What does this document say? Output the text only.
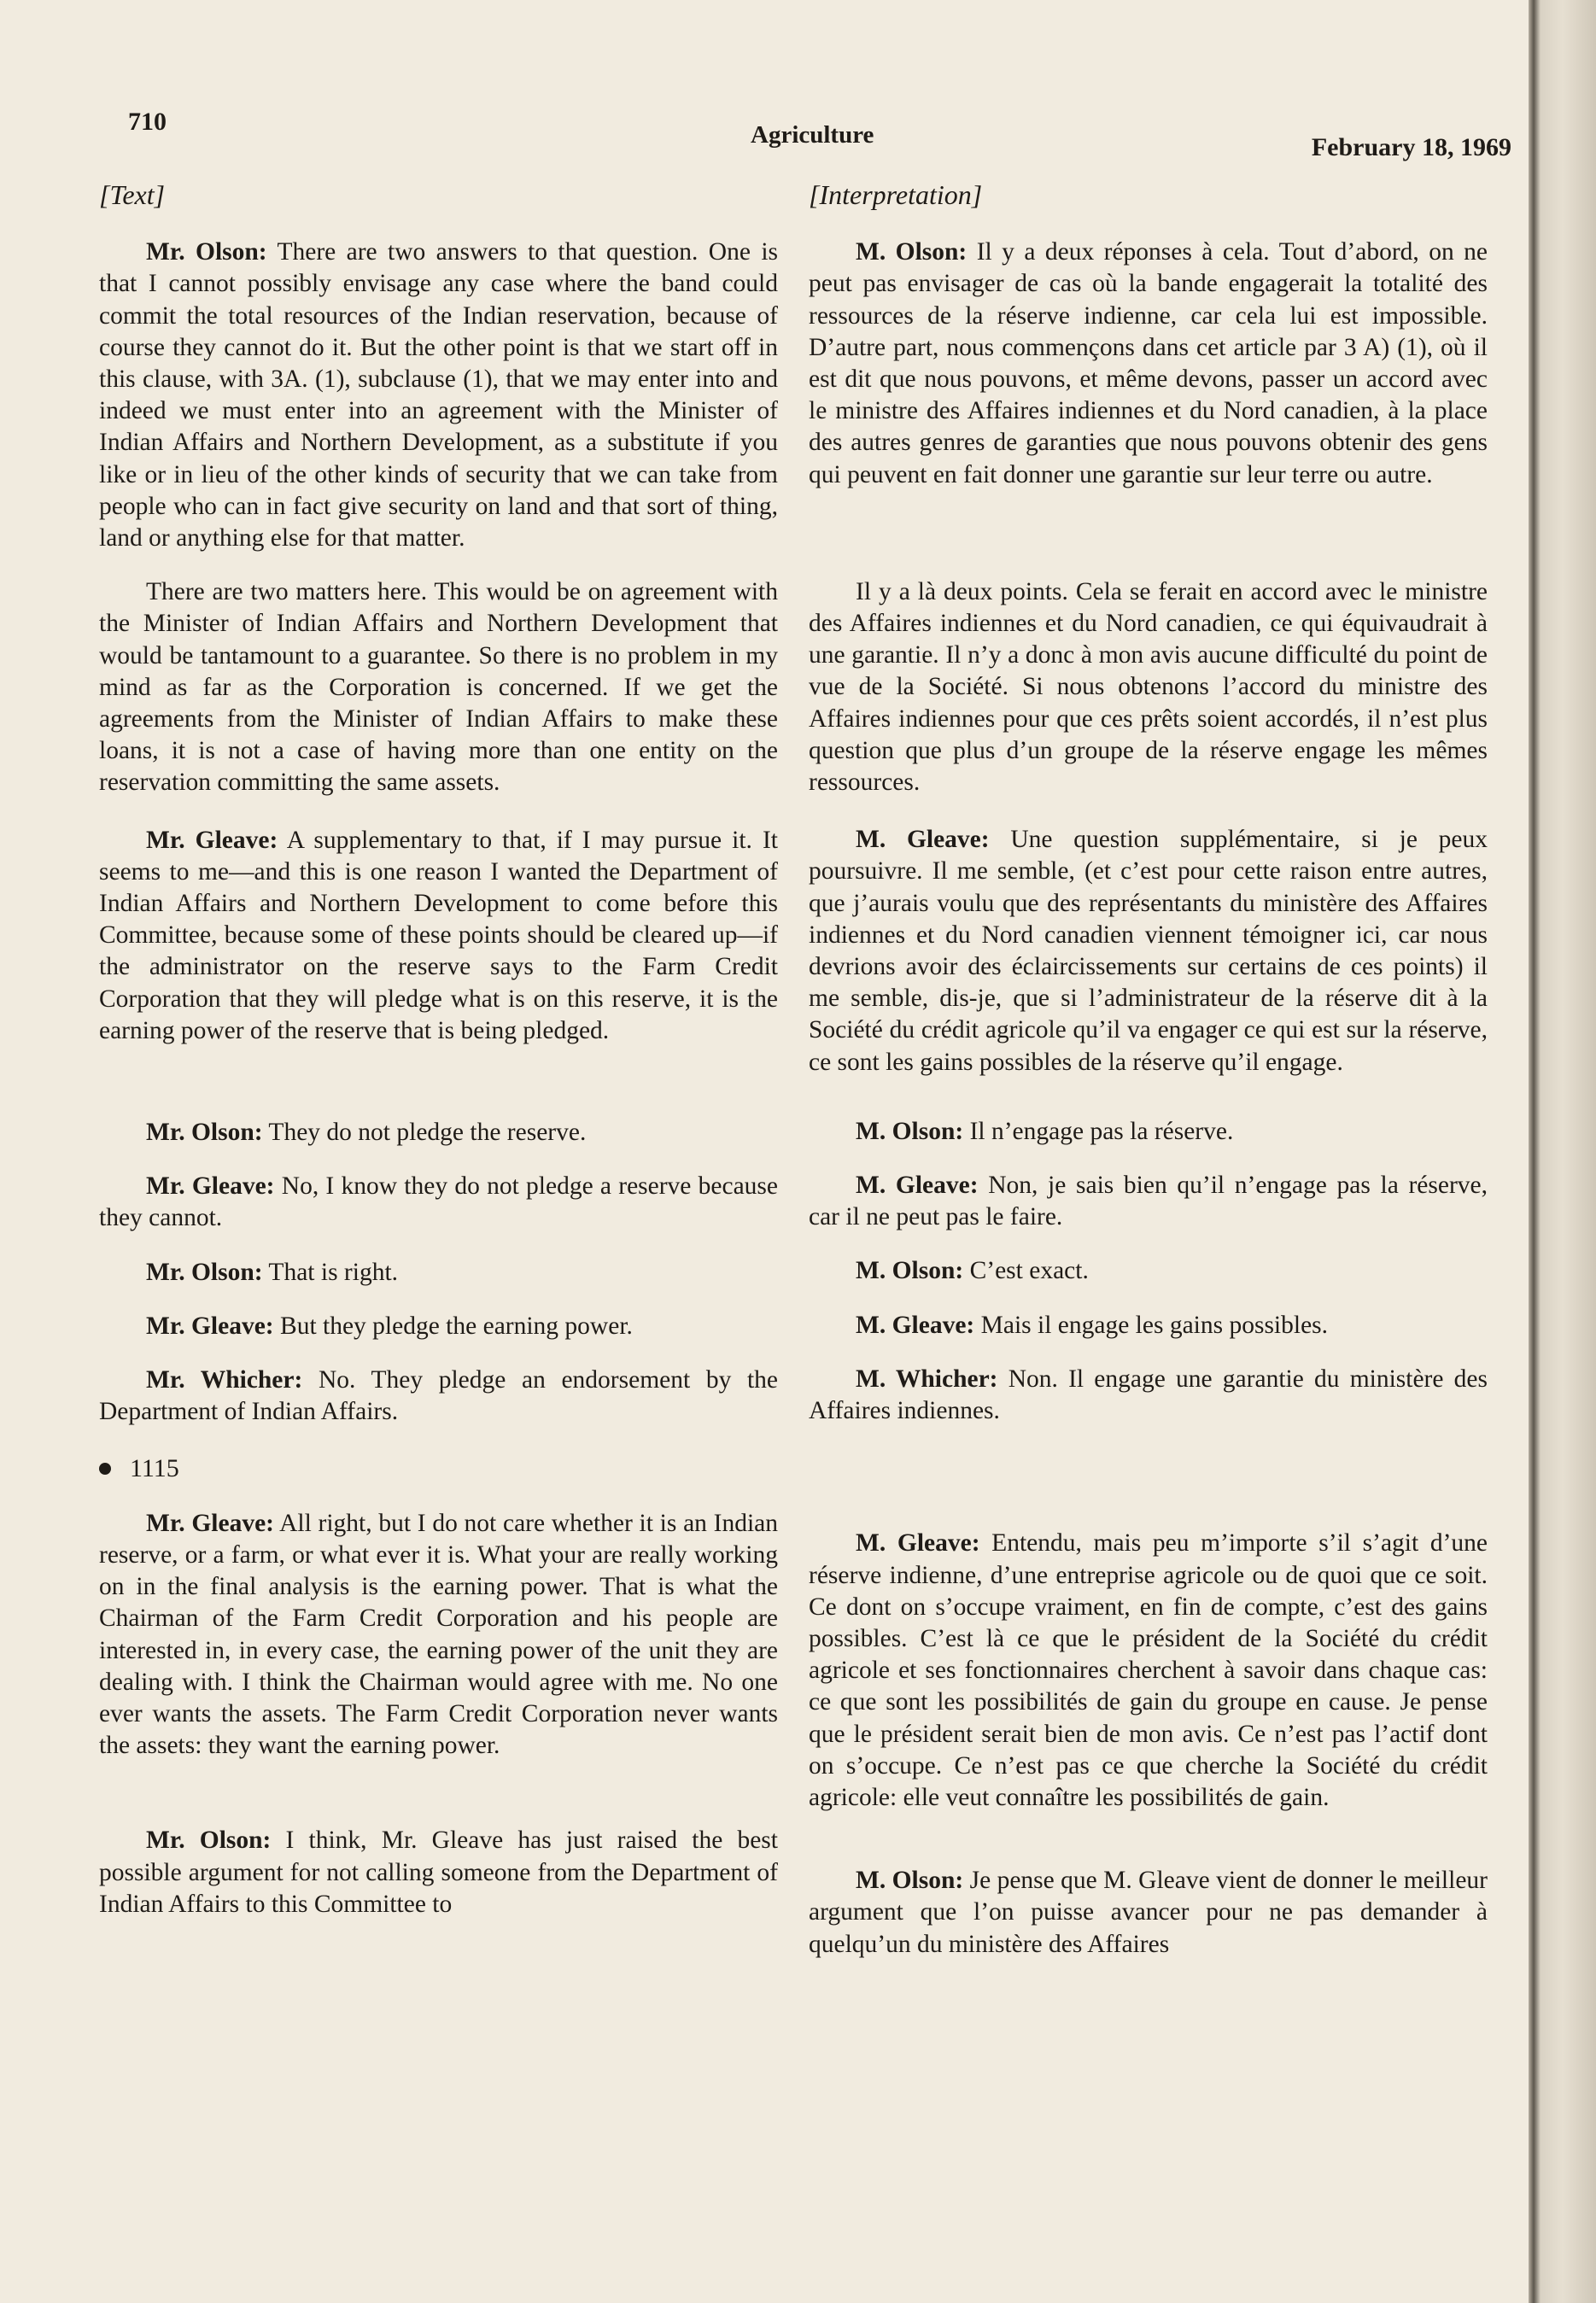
710	Agriculture	February 18, 1969
[Text]

Mr. Olson: There are two answers to that question. One is that I cannot possibly envisage any case where the band could commit the total resources of the Indian reservation, because of course they cannot do it. But the other point is that we start off in this clause, with 3A. (1), subclause (1), that we may enter into and indeed we must enter into an agreement with the Minister of Indian Affairs and Northern Development, as a substitute if you like or in lieu of the other kinds of security that we can take from people who can in fact give security on land and that sort of thing, land or anything else for that matter.

There are two matters here. This would be on agreement with the Minister of Indian Affairs and Northern Development that would be tantamount to a guarantee. So there is no problem in my mind as far as the Corporation is concerned. If we get the agreements from the Minister of Indian Affairs to make these loans, it is not a case of having more than one entity on the reservation committing the same assets.

Mr. Gleave: A supplementary to that, if I may pursue it. It seems to me—and this is one reason I wanted the Department of Indian Affairs and Northern Development to come before this Committee, because some of these points should be cleared up—if the administrator on the reserve says to the Farm Credit Corporation that they will pledge what is on this reserve, it is the earning power of the reserve that is being pledged.

Mr. Olson: They do not pledge the reserve.

Mr. Gleave: No, I know they do not pledge a reserve because they cannot.

Mr. Olson: That is right.

Mr. Gleave: But they pledge the earning power.

Mr. Whicher: No. They pledge an endorsement by the Department of Indian Affairs.

1115

Mr. Gleave: All right, but I do not care whether it is an Indian reserve, or a farm, or what ever it is. What your are really working on in the final analysis is the earning power. That is what the Chairman of the Farm Credit Corporation and his people are interested in, in every case, the earning power of the unit they are dealing with. I think the Chairman would agree with me. No one ever wants the assets. The Farm Credit Corporation never wants the assets: they want the earning power.

Mr. Olson: I think, Mr. Gleave has just raised the best possible argument for not calling someone from the Department of Indian Affairs to this Committee to

[Interpretation]

M. Olson: Il y a deux réponses à cela. Tout d’abord, on ne peut pas envisager de cas où la bande engagerait la totalité des ressources de la réserve indienne, car cela lui est impossible. D’autre part, nous commençons dans cet article par 3 A) (1), où il est dit que nous pouvons, et même devons, passer un accord avec le ministre des Affaires indiennes et du Nord canadien, à la place des autres genres de garanties que nous pouvons obtenir des gens qui peuvent en fait donner une garantie sur leur terre ou autre.

Il y a là deux points. Cela se ferait en accord avec le ministre des Affaires indiennes et du Nord canadien, ce qui équivaudrait à une garantie. Il n’y a donc à mon avis aucune difficulté du point de vue de la Société. Si nous obtenons l’accord du ministre des Affaires indiennes pour que ces prêts soient accordés, il n’est plus question que plus d’un groupe de la réserve engage les mêmes ressources.

M. Gleave: Une question supplémentaire, si je peux poursuivre. Il me semble, (et c’est pour cette raison entre autres, que j’aurais voulu que des représentants du ministère des Affaires indiennes et du Nord canadien viennent témoigner ici, car nous devrions avoir des éclaircissements sur certains de ces points) il me semble, dis-je, que si l’administrateur de la réserve dit à la Société du crédit agricole qu’il va engager ce qui est sur la réserve, ce sont les gains possibles de la réserve qu’il engage.

M. Olson: Il n’engage pas la réserve.

M. Gleave: Non, je sais bien qu’il n’engage pas la réserve, car il ne peut pas le faire.

M. Olson: C’est exact.

M. Gleave: Mais il engage les gains possibles.

M. Whicher: Non. Il engage une garantie du ministère des Affaires indiennes.

M. Gleave: Entendu, mais peu m’importe s’il s’agit d’une réserve indienne, d’une entreprise agricole ou de quoi que ce soit. Ce dont on s’occupe vraiment, en fin de compte, c’est des gains possibles. C’est là ce que le président de la Société du crédit agricole et ses fonctionnaires cherchent à savoir dans chaque cas: ce que sont les possibilités de gain du groupe en cause. Je pense que le président serait bien de mon avis. Ce n’est pas l’actif dont on s’occupe. Ce n’est pas ce que cherche la Société du crédit agricole: elle veut connaître les possibilités de gain.

M. Olson: Je pense que M. Gleave vient de donner le meilleur argument que l’on puisse avancer pour ne pas demander à quelqu’un du ministère des Affaires
